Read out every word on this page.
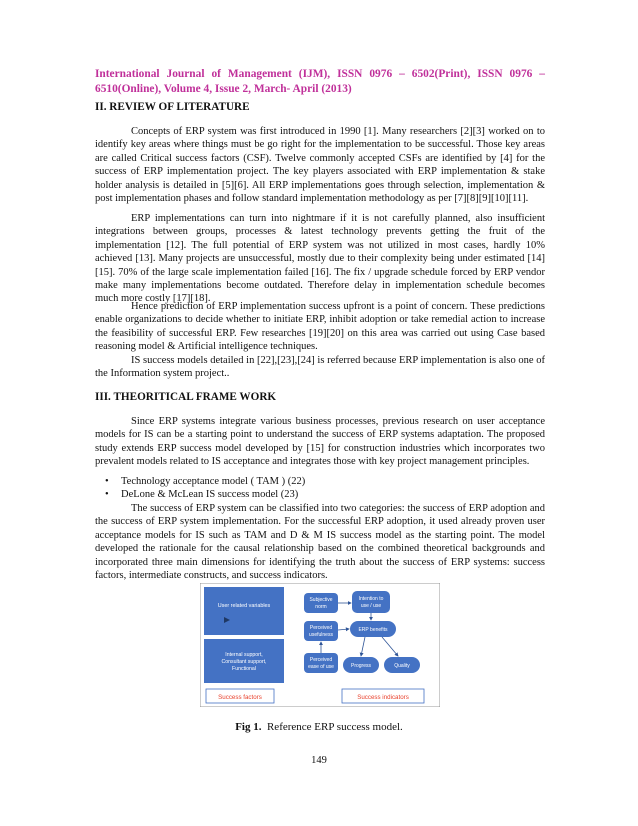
International Journal of Management (IJM), ISSN 0976 – 6502(Print), ISSN 0976 – 6510(Online), Volume 4, Issue 2, March- April (2013)
II. REVIEW OF LITERATURE

Concepts of ERP system was first introduced in 1990 [1]. Many researchers [2][3] worked on to identify key areas where things must be go right for the implementation to be successful. Those key areas are called Critical success factors (CSF). Twelve commonly accepted CSFs are identified by [4] for the success of ERP implementation project. The key players associated with ERP implementation & stake holder analysis is detailed in [5][6]. All ERP implementations goes through selection, implementation & post implementation phases and follow standard implementation methodology as per [7][8][9][10][11].

ERP implementations can turn into nightmare if it is not carefully planned, also insufficient integrations between groups, processes & latest technology prevents getting the fruit of the implementation [12]. The full potential of ERP system was not utilized in most cases, hardly 10% achieved [13]. Many projects are unsuccessful, mostly due to their complexity being under estimated [14][15]. 70% of the large scale implementation failed [16]. The fix / upgrade schedule forced by ERP vendor make many implementations become outdated. Therefore delay in implementation schedule becomes much more costly [17][18].

Hence prediction of ERP implementation success upfront is a point of concern. These predictions enable organizations to decide whether to initiate ERP, inhibit adoption or take remedial action to increase the feasibility of successful ERP. Few researches [19][20] on this area was carried out using Case based reasoning model & Artificial intelligence techniques.

IS success models detailed in [22],[23],[24] is referred because ERP implementation is also one of the Information system project..

III. THEORITICAL FRAME WORK

Since ERP systems integrate various business processes, previous research on user acceptance models for IS can be a starting point to understand the success of ERP systems adaptation. The proposed study extends ERP success model developed by [15] for construction industries which incorporates two prevalent models related to IS acceptance and integrates those with key project management principles.

• Technology acceptance model ( TAM ) (22)
• DeLone & McLean IS success model (23)

The success of ERP system can be classified into two categories: the success of ERP adoption and the success of ERP system implementation. For the successful ERP adoption, it used already proven user acceptance models for IS such as TAM and D & M IS success model as the starting point. The model developed the rationale for the causal relationship based on the combined theoretical backgrounds and incorporated three main dimensions for identifying the truth about the success of ERP systems: success factors, intermediate constructs, and success indicators.

User related variables
Internal support,
Consultant support,
Functional
Subjective
norm
Perceived
usefulness
Perceived
ease of use
Intention to
use / use
ERP benefits
Progress	Quality
Success factors	Success indicators
Fig 1. Reference ERP success model.
149
